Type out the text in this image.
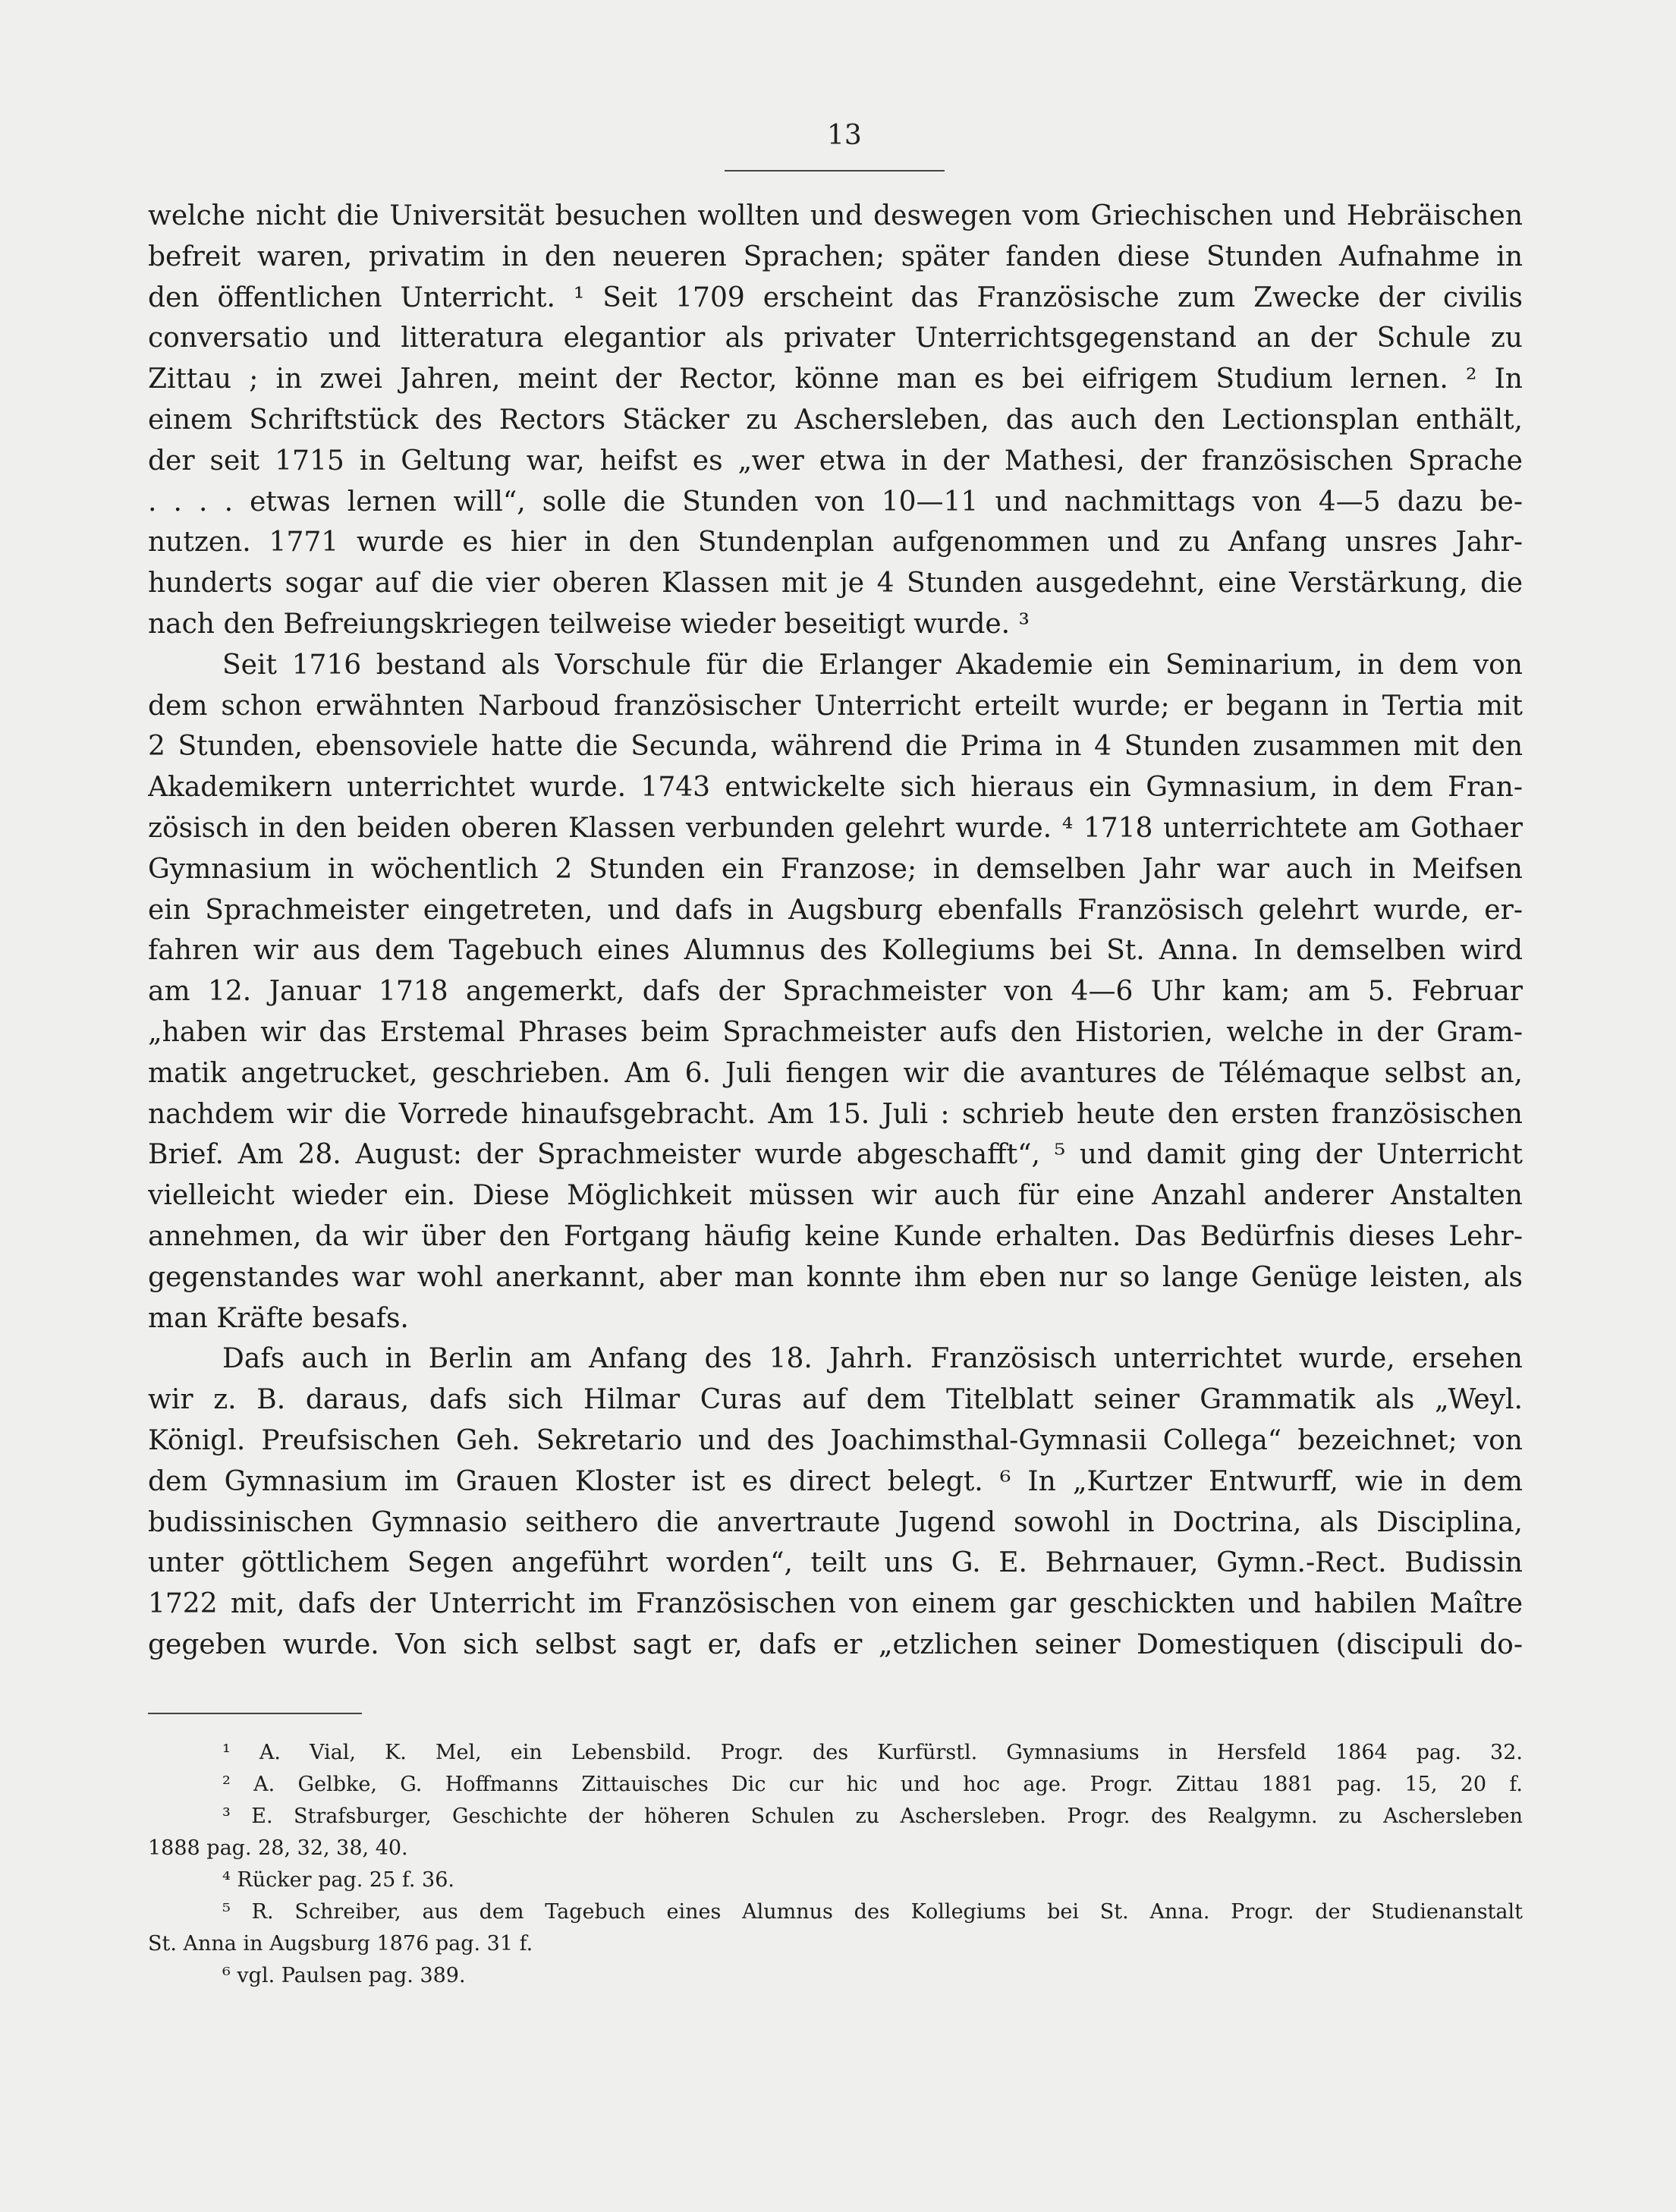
13
welche nicht die Universität besuchen wollten und deswegen vom Griechischen und Hebräischen
befreit waren, privatim in den neueren Sprachen; später fanden diese Stunden Aufnahme in
den öffentlichen Unterricht. ¹ Seit 1709 erscheint das Französische zum Zwecke der civilis
conversatio und litteratura elegantior als privater Unterrichtsgegenstand an der Schule zu
Zittau ; in zwei Jahren, meint der Rector, könne man es bei eifrigem Studium lernen. ² In
einem Schriftstück des Rectors Stäcker zu Aschersleben, das auch den Lectionsplan enthält,
der seit 1715 in Geltung war, heifst es „wer etwa in der Mathesi, der französischen Sprache
. . . . etwas lernen will“, solle die Stunden von 10—11 und nachmittags von 4—5 dazu be-
nutzen. 1771 wurde es hier in den Stundenplan aufgenommen und zu Anfang unsres Jahr-
hunderts sogar auf die vier oberen Klassen mit je 4 Stunden ausgedehnt, eine Verstärkung, die
nach den Befreiungskriegen teilweise wieder beseitigt wurde. ³
Seit 1716 bestand als Vorschule für die Erlanger Akademie ein Seminarium, in dem von
dem schon erwähnten Narboud französischer Unterricht erteilt wurde; er begann in Tertia mit
2 Stunden, ebensoviele hatte die Secunda, während die Prima in 4 Stunden zusammen mit den
Akademikern unterrichtet wurde. 1743 entwickelte sich hieraus ein Gymnasium, in dem Fran-
zösisch in den beiden oberen Klassen verbunden gelehrt wurde. ⁴ 1718 unterrichtete am Gothaer
Gymnasium in wöchentlich 2 Stunden ein Franzose; in demselben Jahr war auch in Meifsen
ein Sprachmeister eingetreten, und dafs in Augsburg ebenfalls Französisch gelehrt wurde, er-
fahren wir aus dem Tagebuch eines Alumnus des Kollegiums bei St. Anna. In demselben wird
am 12. Januar 1718 angemerkt, dafs der Sprachmeister von 4—6 Uhr kam; am 5. Februar
„haben wir das Erstemal Phrases beim Sprachmeister aufs den Historien, welche in der Gram-
matik angetrucket, geschrieben. Am 6. Juli fiengen wir die avantures de Télémaque selbst an,
nachdem wir die Vorrede hinaufsgebracht. Am 15. Juli : schrieb heute den ersten französischen
Brief. Am 28. August: der Sprachmeister wurde abgeschafft“, ⁵ und damit ging der Unterricht
vielleicht wieder ein. Diese Möglichkeit müssen wir auch für eine Anzahl anderer Anstalten
annehmen, da wir über den Fortgang häufig keine Kunde erhalten. Das Bedürfnis dieses Lehr-
gegenstandes war wohl anerkannt, aber man konnte ihm eben nur so lange Genüge leisten, als
man Kräfte besafs.
Dafs auch in Berlin am Anfang des 18. Jahrh. Französisch unterrichtet wurde, ersehen
wir z. B. daraus, dafs sich Hilmar Curas auf dem Titelblatt seiner Grammatik als „Weyl.
Königl. Preufsischen Geh. Sekretario und des Joachimsthal-Gymnasii Collega“ bezeichnet; von
dem Gymnasium im Grauen Kloster ist es direct belegt. ⁶ In „Kurtzer Entwurff, wie in dem
budissinischen Gymnasio seithero die anvertraute Jugend sowohl in Doctrina, als Disciplina,
unter göttlichem Segen angeführt worden“, teilt uns G. E. Behrnauer, Gymn.-Rect. Budissin
1722 mit, dafs der Unterricht im Französischen von einem gar geschickten und habilen Maître
gegeben wurde. Von sich selbst sagt er, dafs er „etzlichen seiner Domestiquen (discipuli do-
¹ A. Vial, K. Mel, ein Lebensbild. Progr. des Kurfürstl. Gymnasiums in Hersfeld 1864 pag. 32.
² A. Gelbke, G. Hoffmanns Zittauisches Dic cur hic und hoc age. Progr. Zittau 1881 pag. 15, 20 f.
³ E. Strafsburger, Geschichte der höheren Schulen zu Aschersleben. Progr. des Realgymn. zu Aschersleben
1888 pag. 28, 32, 38, 40.
⁴ Rücker pag. 25 f. 36.
⁵ R. Schreiber, aus dem Tagebuch eines Alumnus des Kollegiums bei St. Anna. Progr. der Studienanstalt
St. Anna in Augsburg 1876 pag. 31 f.
⁶ vgl. Paulsen pag. 389.
